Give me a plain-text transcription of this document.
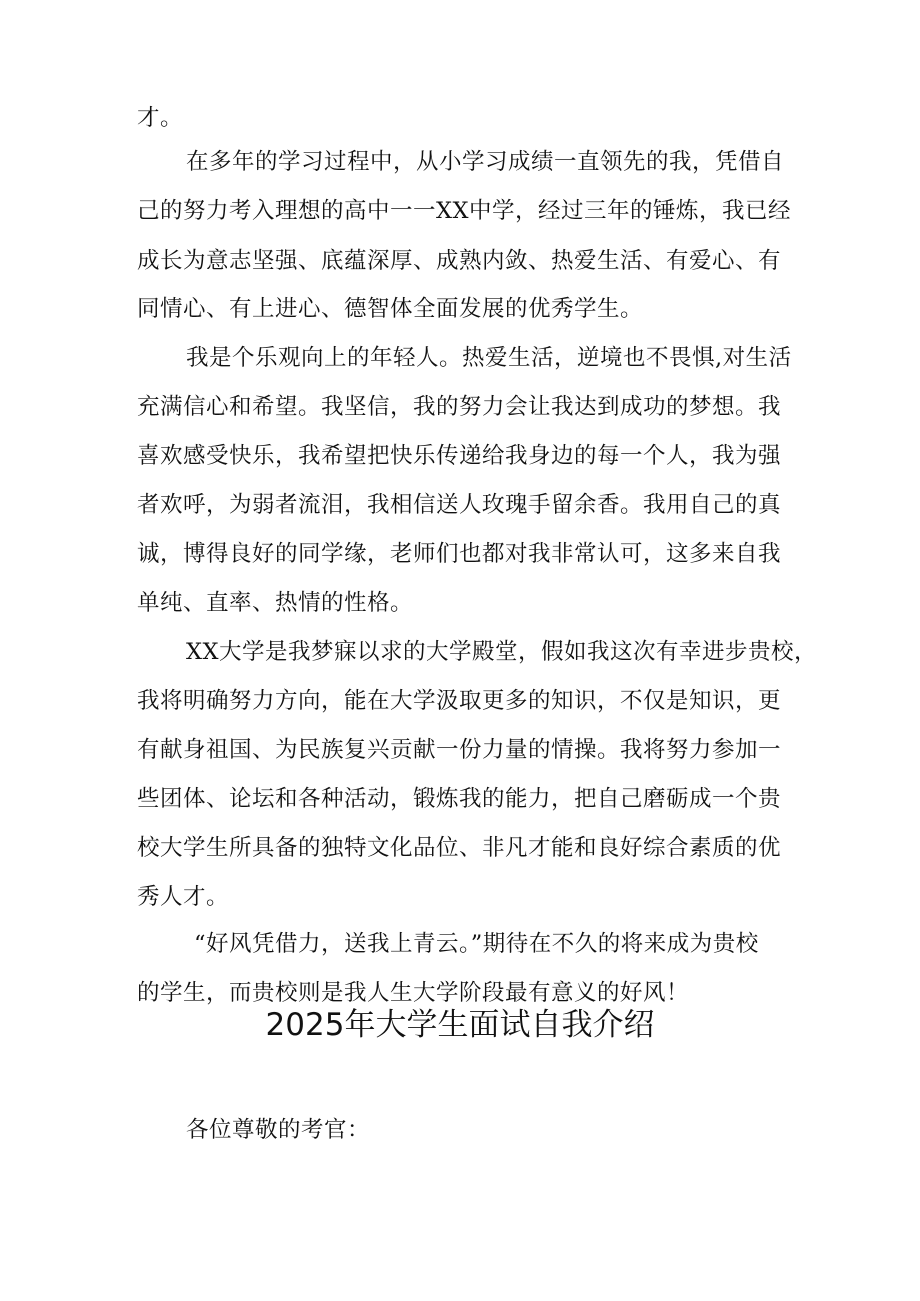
才。
在多年的学习过程中，从小学习成绩一直领先的我，凭借自
己的努力考入理想的高中一一XX中学，经过三年的锤炼，我已经
成长为意志坚强、底蕴深厚、成熟内敛、热爱生活、有爱心、有
同情心、有上进心、德智体全面发展的优秀学生。
我是个乐观向上的年轻人。热爱生活，逆境也不畏惧,对生活
充满信心和希望。我坚信，我的努力会让我达到成功的梦想。我
喜欢感受快乐，我希望把快乐传递给我身边的每一个人，我为强
者欢呼，为弱者流泪，我相信送人玫瑰手留余香。我用自己的真
诚，博得良好的同学缘，老师们也都对我非常认可，这多来自我
单纯、直率、热情的性格。
XX大学是我梦寐以求的大学殿堂，假如我这次有幸进步贵校，
我将明确努力方向，能在大学汲取更多的知识，不仅是知识，更
有献身祖国、为民族复兴贡献一份力量的情操。我将努力参加一
些团体、论坛和各种活动，锻炼我的能力，把自己磨砺成一个贵
校大学生所具备的独特文化品位、非凡才能和良好综合素质的优
秀人才。
“好风凭借力，送我上青云。”期待在不久的将来成为贵校
的学生，而贵校则是我人生大学阶段最有意义的好风！
2025年大学生面试自我介绍
各位尊敬的考官：
